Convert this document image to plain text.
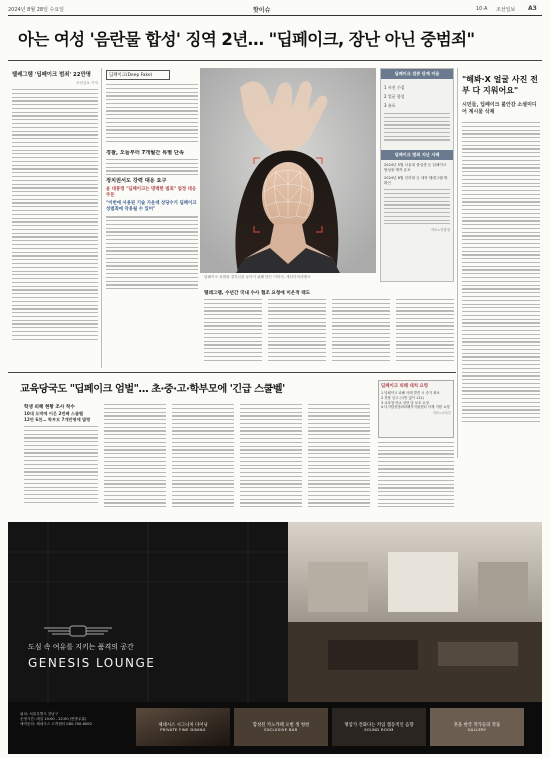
2024년 8월 28일 수요일	핫이슈	10·A 조선일보 A3
아는 여성 '음란물 합성' 징역 2년… "딥페이크, 장난 아닌 중범죄"
텔레그램 '딥페이크 범죄' 22만명
조선일보 기자
딥페이크(Deep Fake)
딥페이크 성범죄 경각심을 높이기 위해 만든 이미지. 게티이미지뱅크
딥페이크 검증 단계 이용
1 사진 수집
2 얼굴 합성
3 유포
딥페이크 범죄 지난 사례
2024년 5월 서울대 졸업생 등 딥페이크 합성물 제작 유포
2024년 8월 인하대 등 대학 텔레그램 방 확인
자료=경찰청
"해봐·X 얼굴 사진 전부 다 지워어요"
시민들, 딥페이크 불안감 소셜미디어 계시물 삭제
경찰, 오늘부터 7개월간 특별 단속
정치권서도 강력 대응 요구
윤 대통령 "딥페이크는 명백한 범죄" 엄정 대응 주문
"이번에 사용된 기술 가운데 상당수가 딥페이크 성범죄에 악용될 수 있어"
텔레그램, 수년간 국내 수사 협조 요청에 미온적 태도
교육당국도 "딥페이크 엄벌"… 초·중·고·학부모에 '긴급 스쿨벨'
학생 피해 현황 조사 착수
10대 도박에 이은 2번째 스쿨벨
12만 6천… 학부모 7개만명에 발령
딥페이크 피해 대처 요령
1 딥페이크 피해 사례 발견 시 증거 확보
2 경찰 신고 (국번 없이 112)
3 교육청·학교 상담 및 보호 요청
4 디지털성범죄피해자지원센터 삭제 지원 요청
자료=교육부
도심 속 여유를 지키는 품격의 공간
GENESIS LOUNGE
위치: 서울특별시 강남구
운영시간: 매일 10:00 - 22:00 (연중무휴)
예약문의: 제네시스 고객센터 080-700-6000	제네시스 시그니처 다이닝
PRIVATE FINE DINING
합성된 카노카페 오벌 생 썽헌
EXCLUSIVE BAR
명암가 견화다는 커임 캡동적인 음향
SOUND ROOM
혼을 한국 작가들의 작품
GALLERY
